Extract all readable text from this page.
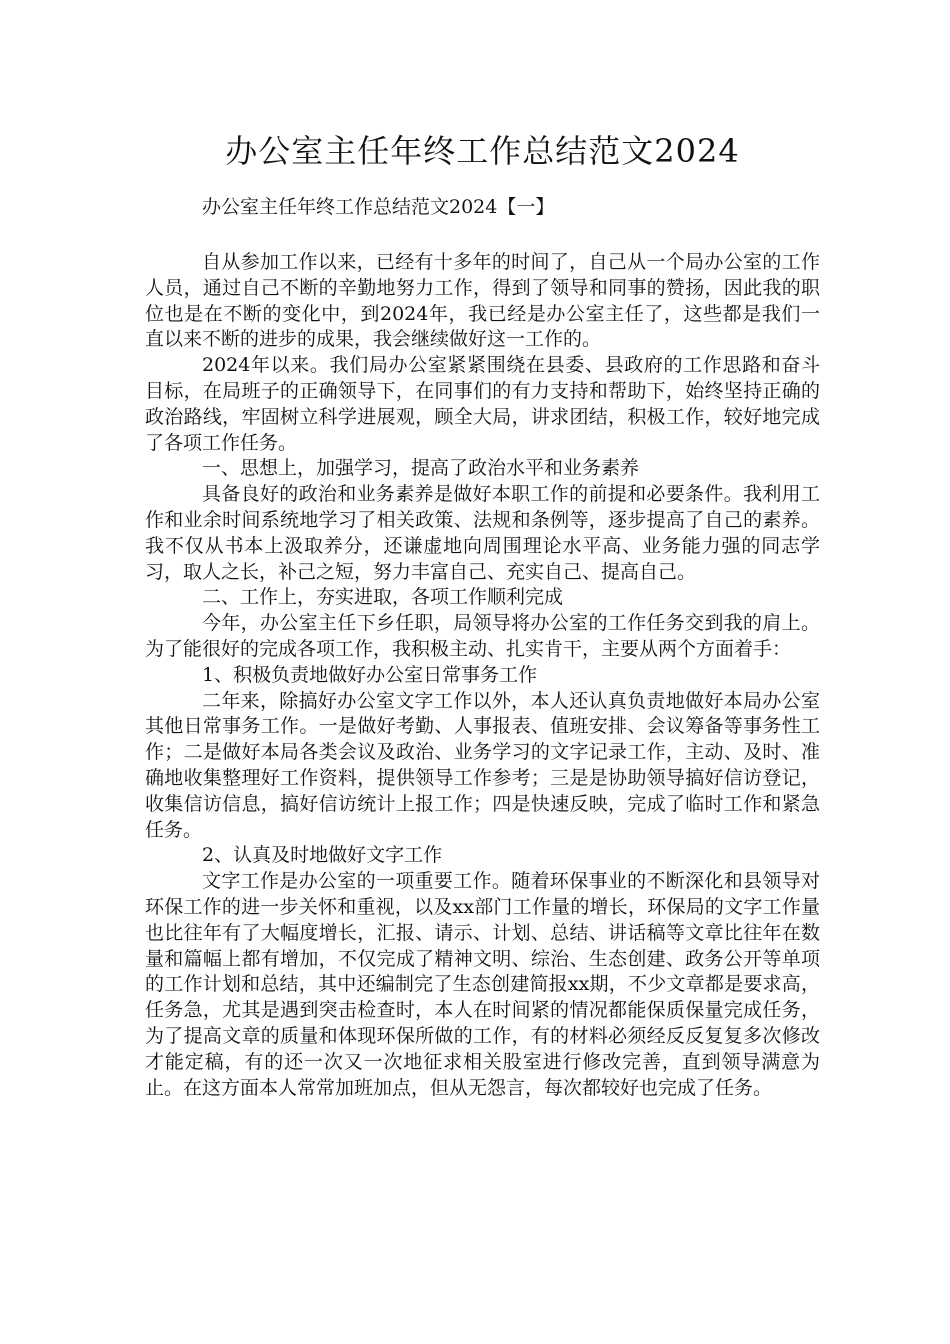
办公室主任年终工作总结范文2024

办公室主任年终工作总结范文2024【一】

自从参加工作以来，已经有十多年的时间了，自己从一个局办公室的工作人员，通过自己不断的辛勤地努力工作，得到了领导和同事的赞扬，因此我的职位也是在不断的变化中，到2024年，我已经是办公室主任了，这些都是我们一直以来不断的进步的成果，我会继续做好这一工作的。

2024年以来。我们局办公室紧紧围绕在县委、县政府的工作思路和奋斗目标，在局班子的正确领导下，在同事们的有力支持和帮助下，始终坚持正确的政治路线，牢固树立科学进展观，顾全大局，讲求团结，积极工作，较好地完成了各项工作任务。

一、思想上，加强学习，提高了政治水平和业务素养

具备良好的政治和业务素养是做好本职工作的前提和必要条件。我利用工作和业余时间系统地学习了相关政策、法规和条例等，逐步提高了自己的素养。我不仅从书本上汲取养分，还谦虚地向周围理论水平高、业务能力强的同志学习，取人之长，补己之短，努力丰富自己、充实自己、提高自己。

二、工作上，夯实进取，各项工作顺利完成

今年，办公室主任下乡任职，局领导将办公室的工作任务交到我的肩上。为了能很好的完成各项工作，我积极主动、扎实肯干，主要从两个方面着手：

1、积极负责地做好办公室日常事务工作

二年来，除搞好办公室文字工作以外，本人还认真负责地做好本局办公室其他日常事务工作。一是做好考勤、人事报表、值班安排、会议筹备等事务性工作；二是做好本局各类会议及政治、业务学习的文字记录工作，主动、及时、准确地收集整理好工作资料，提供领导工作参考；三是是协助领导搞好信访登记，收集信访信息，搞好信访统计上报工作；四是快速反映，完成了临时工作和紧急任务。

2、认真及时地做好文字工作

文字工作是办公室的一项重要工作。随着环保事业的不断深化和县领导对环保工作的进一步关怀和重视，以及xx部门工作量的增长，环保局的文字工作量也比往年有了大幅度增长，汇报、请示、计划、总结、讲话稿等文章比往年在数量和篇幅上都有增加，不仅完成了精神文明、综治、生态创建、政务公开等单项的工作计划和总结，其中还编制完了生态创建简报xx期，不少文章都是要求高，任务急，尤其是遇到突击检查时，本人在时间紧的情况都能保质保量完成任务，为了提高文章的质量和体现环保所做的工作，有的材料必须经反反复复多次修改才能定稿，有的还一次又一次地征求相关股室进行修改完善，直到领导满意为止。在这方面本人常常加班加点，但从无怨言，每次都较好也完成了任务。
